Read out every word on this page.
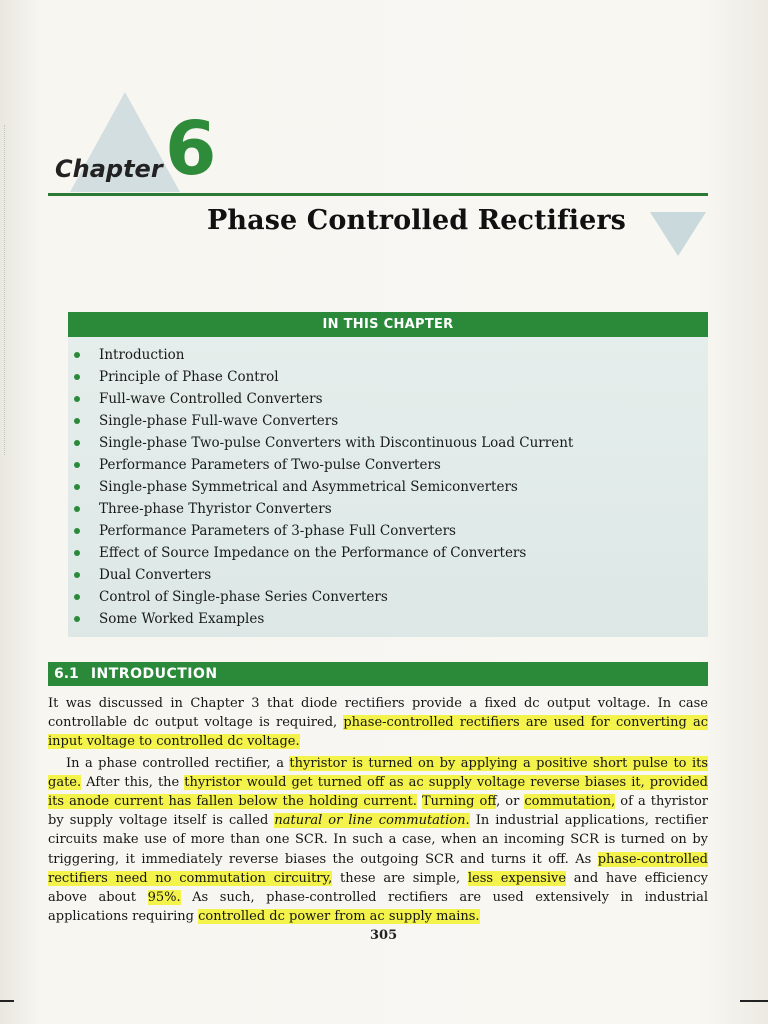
Chapter 6
Phase Controlled Rectifiers
IN THIS CHAPTER
Introduction
Principle of Phase Control
Full-wave Controlled Converters
Single-phase Full-wave Converters
Single-phase Two-pulse Converters with Discontinuous Load Current
Performance Parameters of Two-pulse Converters
Single-phase Symmetrical and Asymmetrical Semiconverters
Three-phase Thyristor Converters
Performance Parameters of 3-phase Full Converters
Effect of Source Impedance on the Performance of Converters
Dual Converters
Control of Single-phase Series Converters
Some Worked Examples
6.1 INTRODUCTION

It was discussed in Chapter 3 that diode rectifiers provide a fixed dc output voltage. In case controllable dc output voltage is required, phase-controlled rectifiers are used for converting ac input voltage to controlled dc voltage.

In a phase controlled rectifier, a thyristor is turned on by applying a positive short pulse to its gate. After this, the thyristor would get turned off as ac supply voltage reverse biases it, provided its anode current has fallen below the holding current. Turning off, or commutation, of a thyristor by supply voltage itself is called natural or line commutation. In industrial applications, rectifier circuits make use of more than one SCR. In such a case, when an incoming SCR is turned on by triggering, it immediately reverse biases the outgoing SCR and turns it off. As phase-controlled rectifiers need no commutation circuitry, these are simple, less expensive and have efficiency above about 95%. As such, phase-controlled rectifiers are used extensively in industrial applications requiring controlled dc power from ac supply mains.

305
